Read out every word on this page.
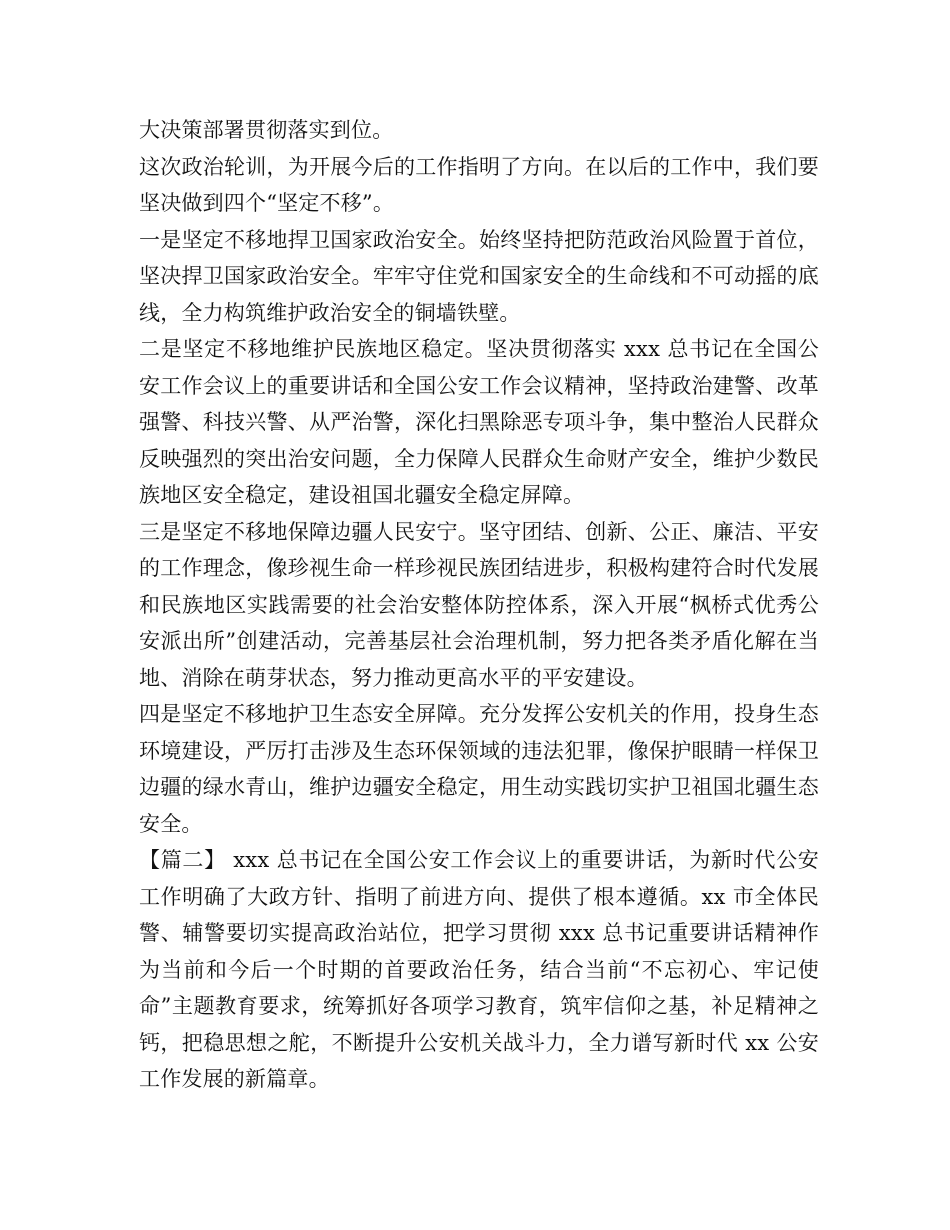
大决策部署贯彻落实到位。

这次政治轮训，为开展今后的工作指明了方向。在以后的工作中，我们要坚决做到四个“坚定不移”。

一是坚定不移地捍卫国家政治安全。始终坚持把防范政治风险置于首位，坚决捍卫国家政治安全。牢牢守住党和国家安全的生命线和不可动摇的底线，全力构筑维护政治安全的铜墙铁壁。

二是坚定不移地维护民族地区稳定。坚决贯彻落实 xxx 总书记在全国公安工作会议上的重要讲话和全国公安工作会议精神，坚持政治建警、改革强警、科技兴警、从严治警，深化扫黑除恶专项斗争，集中整治人民群众反映强烈的突出治安问题，全力保障人民群众生命财产安全，维护少数民族地区安全稳定，建设祖国北疆安全稳定屏障。

三是坚定不移地保障边疆人民安宁。坚守团结、创新、公正、廉洁、平安的工作理念，像珍视生命一样珍视民族团结进步，积极构建符合时代发展和民族地区实践需要的社会治安整体防控体系，深入开展“枫桥式优秀公安派出所”创建活动，完善基层社会治理机制，努力把各类矛盾化解在当地、消除在萌芽状态，努力推动更高水平的平安建设。

四是坚定不移地护卫生态安全屏障。充分发挥公安机关的作用，投身生态环境建设，严厉打击涉及生态环保领域的违法犯罪，像保护眼睛一样保卫边疆的绿水青山，维护边疆安全稳定，用生动实践切实护卫祖国北疆生态安全。

【篇二】 xxx 总书记在全国公安工作会议上的重要讲话，为新时代公安工作明确了大政方针、指明了前进方向、提供了根本遵循。xx 市全体民警、辅警要切实提高政治站位，把学习贯彻 xxx 总书记重要讲话精神作为当前和今后一个时期的首要政治任务，结合当前“不忘初心、牢记使命”主题教育要求，统筹抓好各项学习教育，筑牢信仰之基，补足精神之钙，把稳思想之舵，不断提升公安机关战斗力，全力谱写新时代 xx 公安工作发展的新篇章。
